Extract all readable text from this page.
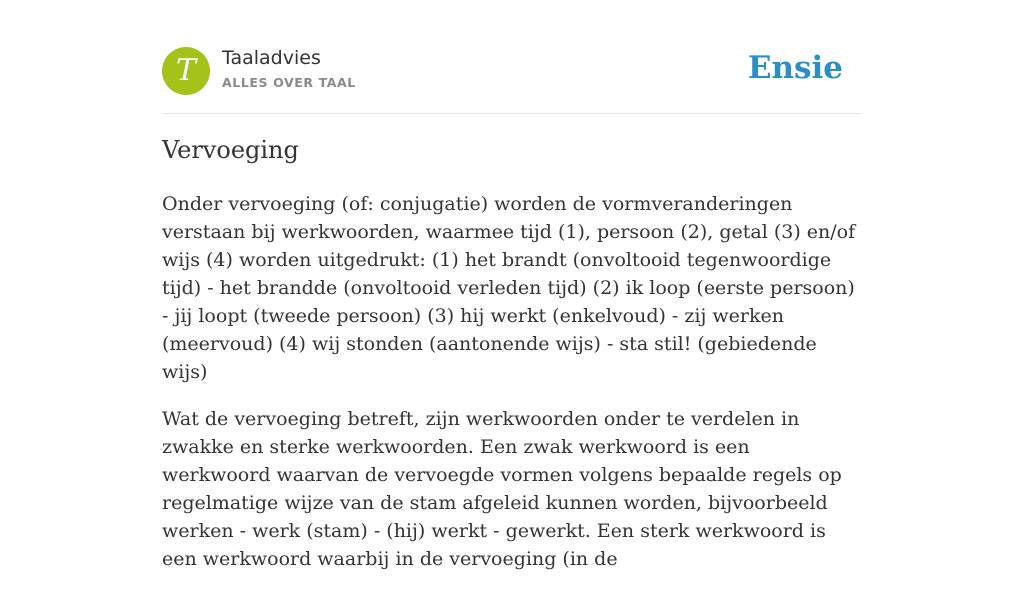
T	Taaladvies
ALLES OVER TAAL	Ensie
Vervoeging

Onder vervoeging (of: conjugatie) worden de vormveranderingen verstaan bij werkwoorden, waarmee tijd (1), persoon (2), getal (3) en/of wijs (4) worden uitgedrukt: (1) het brandt (onvoltooid tegenwoordige tijd) - het brandde (onvoltooid verleden tijd) (2) ik loop (eerste persoon) - jij loopt (tweede persoon) (3) hij werkt (enkelvoud) - zij werken (meervoud) (4) wij stonden (aantonende wijs) - sta stil! (gebiedende wijs)

Wat de vervoeging betreft, zijn werkwoorden onder te verdelen in zwakke en sterke werkwoorden. Een zwak werkwoord is een werkwoord waarvan de vervoegde vormen volgens bepaalde regels op regelmatige wijze van de stam afgeleid kunnen worden, bijvoorbeeld werken - werk (stam) - (hij) werkt - gewerkt. Een sterk werkwoord is een werkwoord waarbij in de vervoeging (in de
